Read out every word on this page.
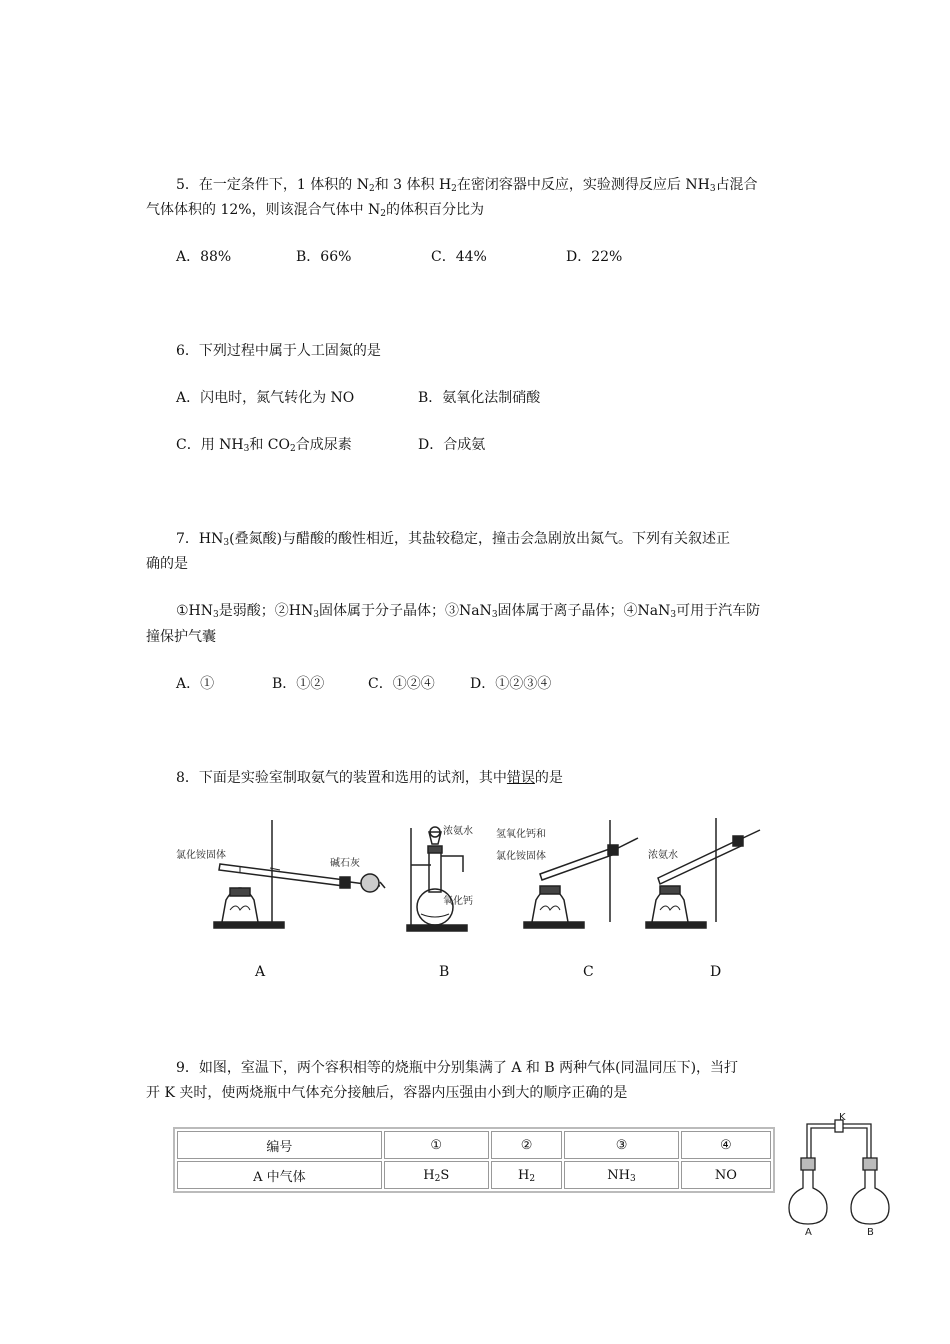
5．在一定条件下，1 体积的 $N_2$和 3 体积 $H_2$在密闭容器中反应，实验测得反应后 $NH_3$占混合
气体体积的 12%，则该混合气体中 $N_2$的体积百分比为
A．88%	B．66%	C．44%	D．22%
6．下列过程中属于人工固氮的是
A．闪电时，氮气转化为 NO	B．氨氧化法制硝酸
C．用 $NH_3$和 $CO_2$合成尿素	D．合成氨
7．$HN_3$(叠氮酸)与醋酸的酸性相近，其盐较稳定，撞击会急剧放出氮气。下列有关叙述正
确的是
$①HN_3$是弱酸；$②HN_3$固体属于分子晶体；③NaN$_3$固体属于离子晶体；④NaN$_3$可用于汽车防
撞保护气囊
A．①	B．①②	C．①②④	D．①②③④
8．下面是实验室制取氨气的装置和选用的试剂，其中错误的是
氯化铵固体
碱石灰
浓氨水
氧化钙
氢氧化钙和
氯化铵固体	浓氨水
A	B	C	D
9．如图，室温下，两个容积相等的烧瓶中分别集满了 A 和 B 两种气体(同温同压下)，当打
开 K 夹时，使两烧瓶中气体充分接触后，容器内压强由小到大的顺序正确的是
编号	①	②	③	④
A 中气体	$H_2S$	$H_2$	$NH_3$	NO
K
A	B
